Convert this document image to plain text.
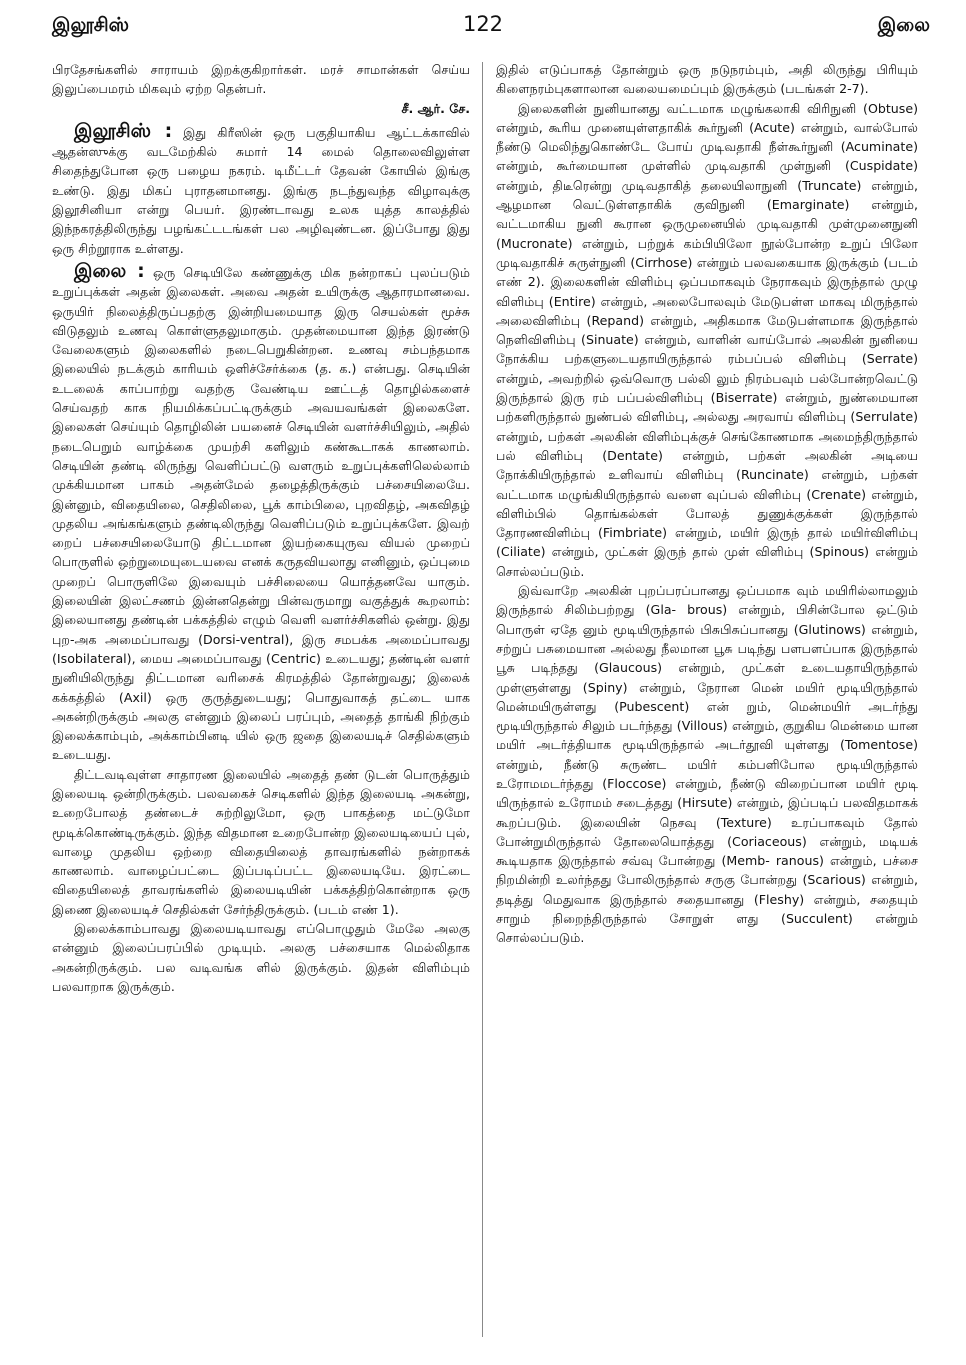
இலூசிஸ்	122	இலை

பிரதேசங்களில் சாராயம் இறக்குகிறார்கள். மரச் சாமான்கள் செய்ய இலுப்பைமரம் மிகவும் ஏற்ற தென்பர்.

சீ. ஆர். சே.

இலூசிஸ் : இது கிரீஸின் ஒரு பகுதியாகிய ஆட்டக்காவில் ஆதன்ஸுக்கு வடமேற்கில் சுமார் 14 மைல் தொலைவிலுள்ள சிதைந்துபோன ஒரு பழைய நகரம். டிமீட்டர் தேவன் கோயில் இங்கு உண்டு. இது மிகப் புராதனமானது. இங்கு நடந்துவந்த விழாவுக்கு இலூசினியா என்று பெயர். இரண்டாவது உலக யுத்த காலத்தில் இந்நகரத்திலிருந்து பழங்கட்டடங்கள் பல அழிவுண்டன. இப்போது இது ஒரு சிற்றூராக உள்ளது.

இலை : ஒரு செடியிலே கண்ணுக்கு மிக நன்றாகப் புலப்படும் உறுப்புக்கள் அதன் இலைகள். அவை அதன் உயிருக்கு ஆதாரமானவை. ஒருயிர் நிலைத்திருப்பதற்கு இன்றியமையாத இரு செயல்கள் மூச்சு விடுதலும் உணவு கொள்ளுதலுமாகும். முதன்மையான இந்த இரண்டு வேலைகளும் இலைகளில் நடைபெறுகின்றன. உணவு சம்பந்தமாக இலையில் நடக்கும் காரியம் ஒளிச்சேர்க்கை (த. க.) என்பது. செடியின் உடலைக் காப்பாற்று வதற்கு வேண்டிய ஊட்டத் தொழில்களைச் செய்வதற் காக நியமிக்கப்பட்டிருக்கும் அவயவங்கள் இலைகளே. இலைகள் செய்யும் தொழிலின் பயனைச் செடியின் வளர்ச்சியிலும், அதில் நடைபெறும் வாழ்க்கை முயற்சி களிலும் கண்கூடாகக் காணலாம். செடியின் தண்டி லிருந்து வெளிப்பட்டு வளரும் உறுப்புக்களிலெல்லாம் முக்கியமான பாகம் அதன்மேல் தழைத்திருக்கும் பச்சையிலையே. இன்னும், விதையிலை, செதிலிலை, பூக் காம்பிலை, புறவிதழ், அகவிதழ் முதலிய அங்கங்களும் தண்டிலிருந்து வெளிப்படும் உறுப்புக்களே. இவற் றைப் பச்சையிலையோடு திட்டமான இயற்கையுருவ வியல் முறைப் பொருளில் ஒற்றுமையுடையவை எனக் கருதவியலாது எனினும், ஒப்புமை முறைப் பொருளிலே இவையும் பச்சிலையை யொத்தனவே யாகும். இலையின் இலட்சணம் இன்னதென்று பின்வருமாறு வகுத்துக் கூறலாம்: இலையானது தண்டின் பக்கத்தில் எழும் வெளி வளர்ச்சிகளில் ஒன்று. இது புற-அக அமைப்பாவது (Dorsi-ventral), இரு சமபக்க அமைப்பாவது (Isobilateral), மைய அமைப்பாவது (Centric) உடையது; தண்டின் வளர் நுனியிலிருந்து திட்டமான வரிசைக் கிரமத்தில் தோன்றுவது; இலைக் கக்கத்தில் (Axil) ஒரு குருத்துடையது; பொதுவாகத் தட்டை யாக அகன்றிருக்கும் அலகு என்னும் இலைப் பரப்பும், அதைத் தாங்கி நிற்கும் இலைக்காம்பும், அக்காம்பினடி யில் ஒரு ஜதை இலையடிச் செதில்களும் உடையது.

திட்டவடிவுள்ள சாதாரண இலையில் அதைத் தண் டுடன் பொருத்தும் இலையடி ஒன்றிருக்கும். பலவகைச் செடிகளில் இந்த இலையடி அகன்று, உறைபோலத் தண்டைச் சுற்றிலுமோ, ஒரு பாகத்தை மட்டுமோ மூடிக்கொண்டிருக்கும். இந்த விதமான உறைபோன்ற இலையடியைப் புல், வாழை முதலிய ஒற்றை விதையிலைத் தாவரங்களில் நன்றாகக் காணலாம். வாழைப்பட்டை இப்படிப்பட்ட இலையடியே. இரட்டை விதையிலைத் தாவரங்களில் இலையடியின் பக்கத்திற்கொன்றாக ஒரு இணை இலையடிச் செதில்கள் சேர்ந்திருக்கும். (படம் எண் 1).

இலைக்காம்பாவது இலையடியாவது எப்பொழுதும் மேலே அலகு என்னும் இலைப்பரப்பில் முடியும். அலகு பச்சையாக மெல்லிதாக அகன்றிருக்கும். பல வடிவங்க ளில் இருக்கும். இதன் விளிம்பும் பலவாறாக இருக்கும்.

இதில் எடுப்பாகத் தோன்றும் ஒரு நடுநரம்பும், அதி லிருந்து பிரியும் கிளைநரம்புகளாலான வலையமைப்பும் இருக்கும் (படங்கள் 2-7).

இலைகளின் நுனியானது வட்டமாக மழுங்கலாகி விரிநுனி (Obtuse) என்றும், கூரிய முனையுள்ளதாகிக் கூர்நுனி (Acute) என்றும், வால்போல் நீண்டு மெலிந்துகொண்டே போய் முடிவதாகி நீள்கூர்நுனி (Acuminate) என்றும், கூர்மையான முள்ளில் முடிவதாகி முள்நுனி (Cuspidate) என்றும், திடீரென்று முடிவதாகித் தலையிலாநுனி (Truncate) என்றும், ஆழமான வெட்டுள்ளதாகிக் குவிநுனி (Emarginate) என்றும், வட்டமாகிய நுனி கூரான ஒருமுனையில் முடிவதாகி முள்முனைநுனி (Mucronate) என்றும், பற்றுக் கம்பியிலோ நூல்போன்ற உறுப் பிலோ முடிவதாகிச் சுருள்நுனி (Cirrhose) என்றும் பலவகையாக இருக்கும் (படம் எண் 2). இலைகளின் விளிம்பு ஒப்பமாகவும் நேராகவும் இருந்தால் முழு விளிம்பு (Entire) என்றும், அலைபோலவும் மேடுபள்ள மாகவு மிருந்தால் அலைவிளிம்பு (Repand) என்றும், அதிகமாக மேடுபள்ளமாக இருந்தால் நெளிவிளிம்பு (Sinuate) என்றும், வாளின் வாய்போல் அலகின் நுனியை நோக்கிய பற்களுடையதாயிருந்தால் ரம்பப்பல் விளிம்பு (Serrate) என்றும், அவற்றில் ஒவ்வொரு பல்லி லும் நிரம்பவும் பல்போன்றவெட்டு இருந்தால் இரு ரம் பப்பல்விளிம்பு (Biserrate) என்றும், நுண்மையான பற்களிருந்தால் நுண்பல் விளிம்பு, அல்லது அரவாய் விளிம்பு (Serrulate) என்றும், பற்கள் அலகின் விளிம்புக்குச் செங்கோணமாக அமைந்திருந்தால் பல் விளிம்பு (Dentate) என்றும், பற்கள் அலகின் அடியை நோக்கியிருந்தால் உளிவாய் விளிம்பு (Runcinate) என்றும், பற்கள் வட்டமாக மழுங்கியிருந்தால் வளை வுப்பல் விளிம்பு (Crenate) என்றும், விளிம்பில் தொங்கல்கள் போலத் துணுக்குக்கள் இருந்தால் தோரணவிளிம்பு (Fimbriate) என்றும், மயிர் இருந் தால் மயிர்விளிம்பு (Ciliate) என்றும், முட்கள் இருந் தால் முள் விளிம்பு (Spinous) என்றும் சொல்லப்படும்.

இவ்வாறே அலகின் புறப்பரப்பானது ஒப்பமாக வும் மயிரில்லாமலும் இருந்தால் சிலிம்பற்றது (Gla- brous) என்றும், பிசின்போல ஒட்டும் பொருள் ஏதே னும் மூடியிருந்தால் பிசுபிசுப்பானது (Glutinows) என்றும், சற்றுப் பசுமையான அல்லது நீலமான பூசு படிந்து பளபளப்பாக இருந்தால் பூசு படிந்தது (Glaucous) என்றும், முட்கள் உடையதாயிருந்தால் முள்ளுள்ளது (Spiny) என்றும், நேரான மென் மயிர் மூடியிருந்தால் மென்மயிருள்ளது (Pubescent) என் றும், மென்மயிர் அடர்ந்து மூடியிருந்தால் சிலும் படர்ந்தது (Villous) என்றும், குறுகிய மென்மை யான மயிர் அடர்த்தியாக மூடியிருந்தால் அடர்தூவி யுள்ளது (Tomentose) என்றும், நீண்டு சுருண்ட மயிர் கம்பளிபோல மூடியிருந்தால் உரோமமடர்ந்தது (Floccose) என்றும், நீண்டு விறைப்பான மயிர் மூடி யிருந்தால் உரோமம் சடைத்தது (Hirsute) என்றும், இப்படிப் பலவிதமாகக் கூறப்படும். இலையின் நெசவு (Texture) உரப்பாகவும் தோல் போன்றுமிருந்தால் தோலையொத்தது (Coriaceous) என்றும், மடியக் கூடியதாக இருந்தால் சவ்வு போன்றது (Memb- ranous) என்றும், பச்சை நிறமின்றி உலர்ந்தது போலிருந்தால் சருகு போன்றது (Scarious) என்றும், தடித்து மெதுவாக இருந்தால் சதையானது (Fleshy) என்றும், சதையும் சாறும் நிறைந்திருந்தால் சோறுள் ளது (Succulent) என்றும் சொல்லப்படும்.
